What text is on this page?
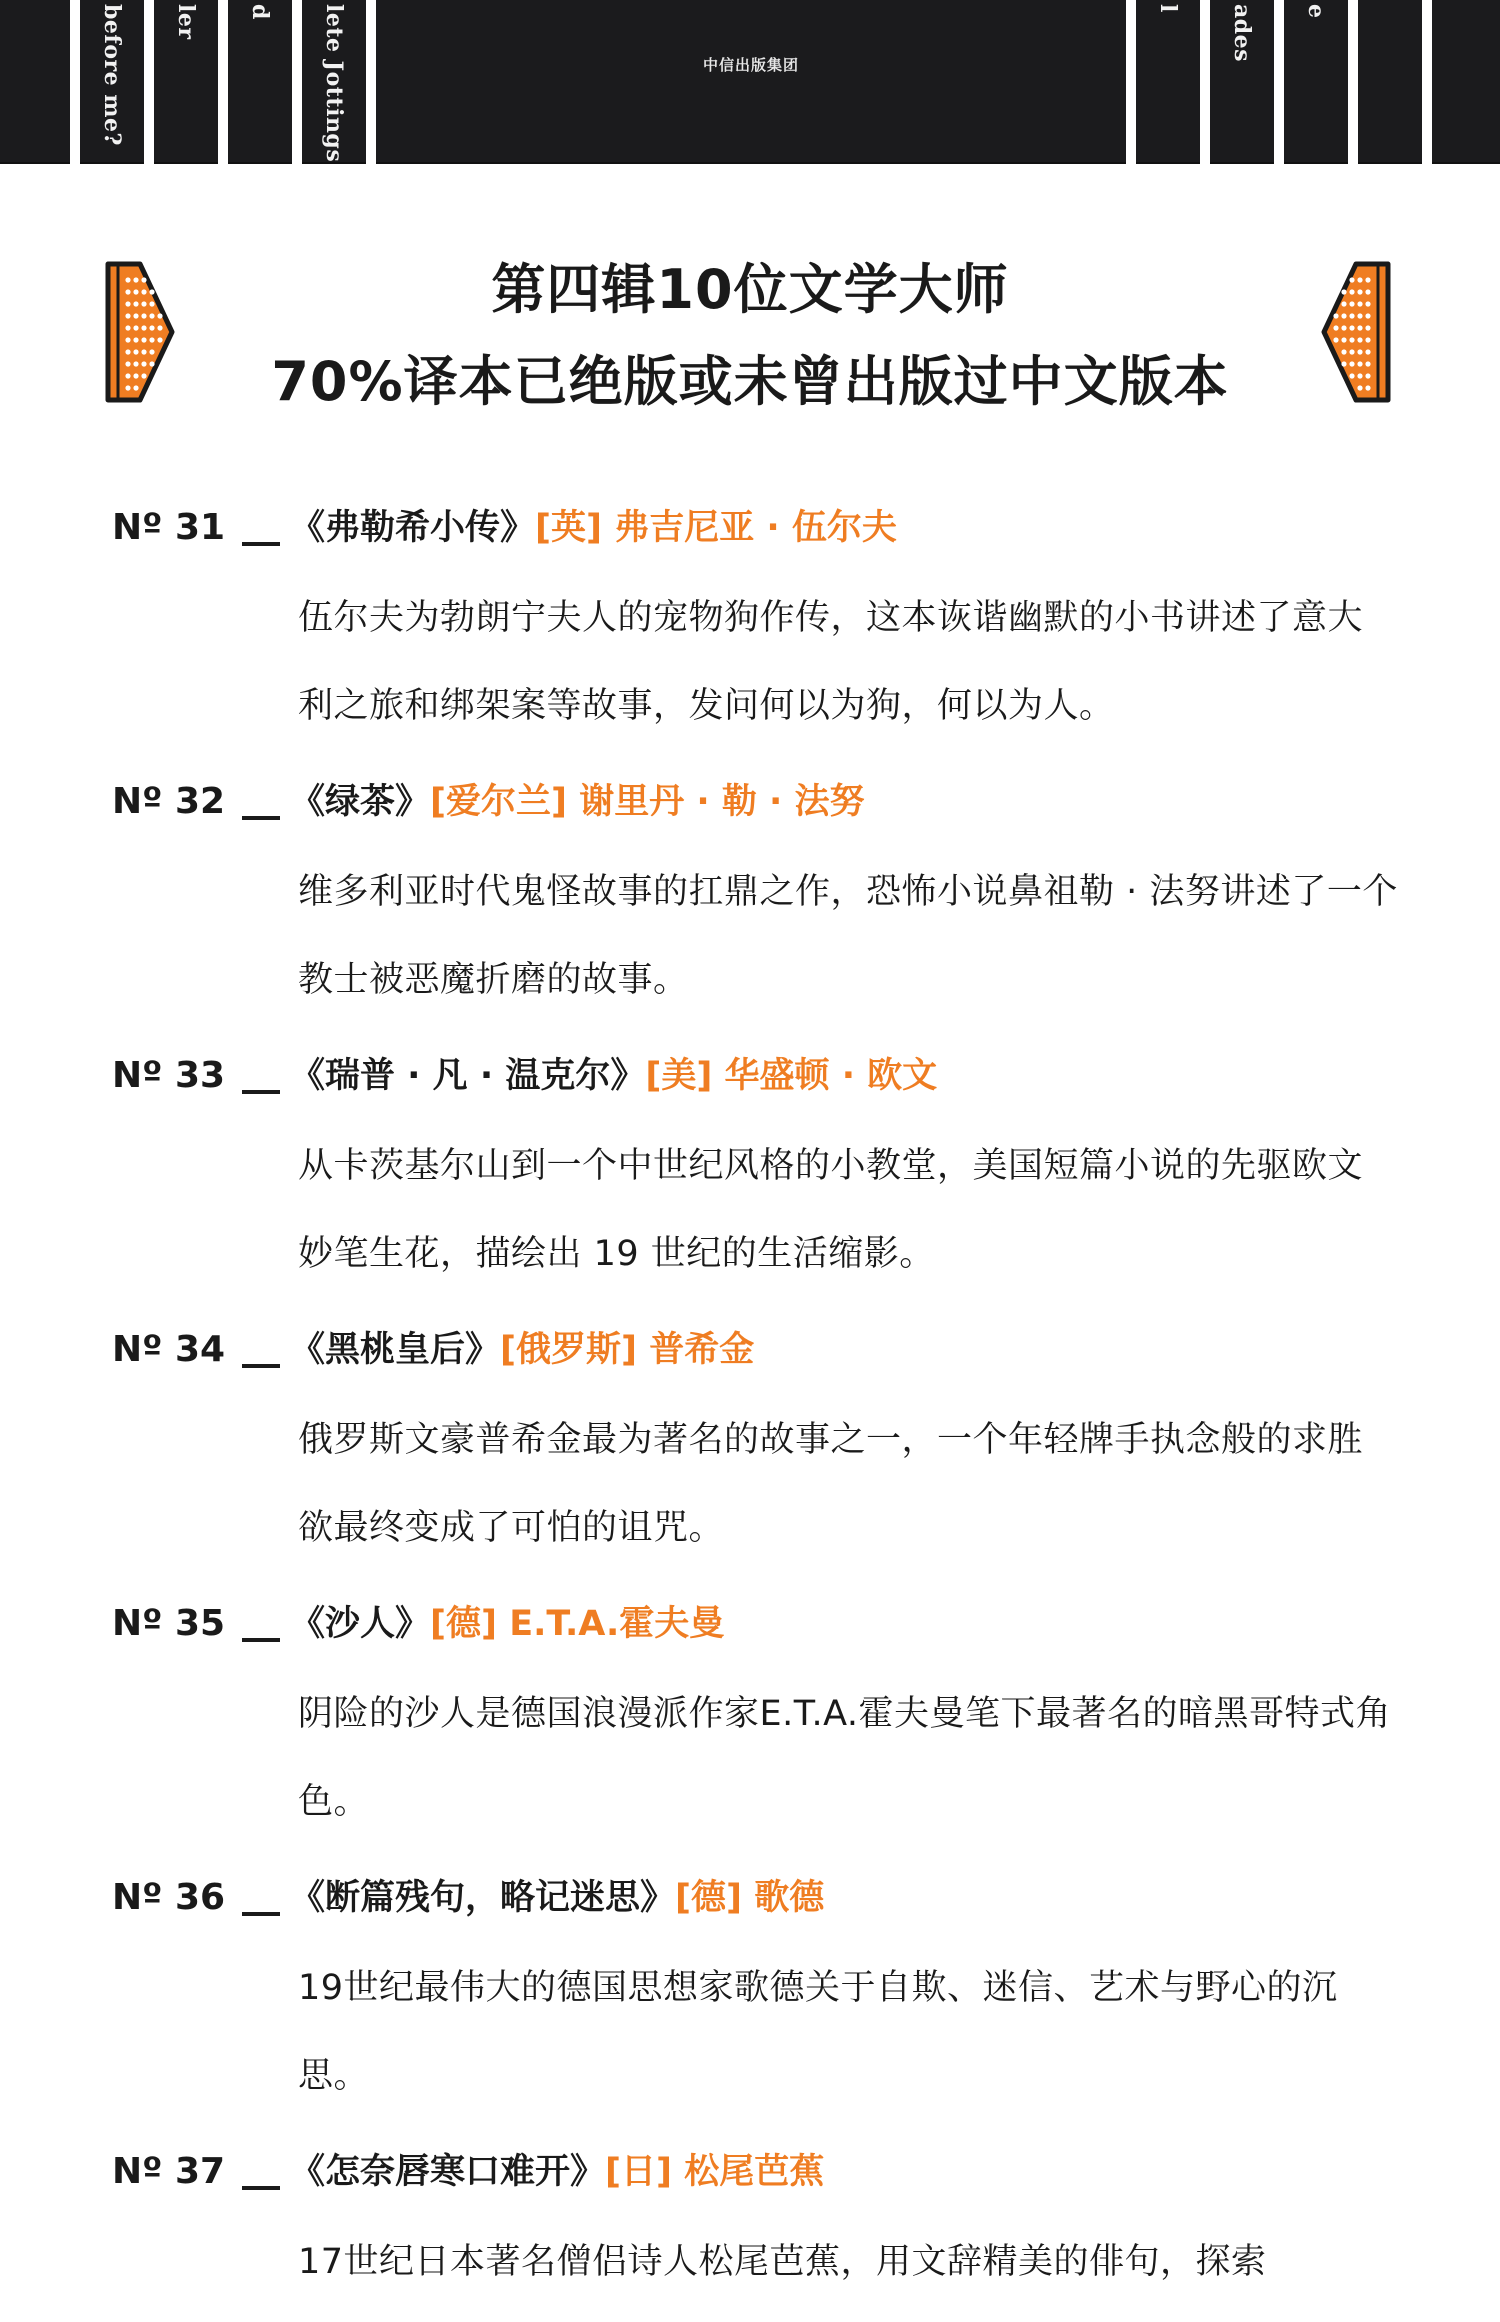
before me? ler d lete Jottings	中信出版集团
l ades e
第四辑10位文学大师
70%译本已绝版或未曾出版过中文版本
Nº 31 《弗勒希小传》[英] 弗吉尼亚 · 伍尔夫
伍尔夫为勃朗宁夫人的宠物狗作传，这本诙谐幽默的小书讲述了意大利之旅和绑架案等故事，发问何以为狗，何以为人。
Nº 32 《绿茶》[爱尔兰] 谢里丹 · 勒 · 法努
维多利亚时代鬼怪故事的扛鼎之作，恐怖小说鼻祖勒 · 法努讲述了一个教士被恶魔折磨的故事。
Nº 33 《瑞普 · 凡 · 温克尔》[美] 华盛顿 · 欧文
从卡茨基尔山到一个中世纪风格的小教堂，美国短篇小说的先驱欧文妙笔生花，描绘出 19 世纪的生活缩影。
Nº 34 《黑桃皇后》[俄罗斯] 普希金
俄罗斯文豪普希金最为著名的故事之一，一个年轻牌手执念般的求胜欲最终变成了可怕的诅咒。
Nº 35 《沙人》[德] E.T.A.霍夫曼
阴险的沙人是德国浪漫派作家E.T.A.霍夫曼笔下最著名的暗黑哥特式角色。
Nº 36 《断篇残句，略记迷思》[德] 歌德
19世纪最伟大的德国思想家歌德关于自欺、迷信、艺术与野心的沉思。
Nº 37 《怎奈唇寒口难开》[日] 松尾芭蕉
17世纪日本著名僧侣诗人松尾芭蕉，用文辞精美的俳句，探索
